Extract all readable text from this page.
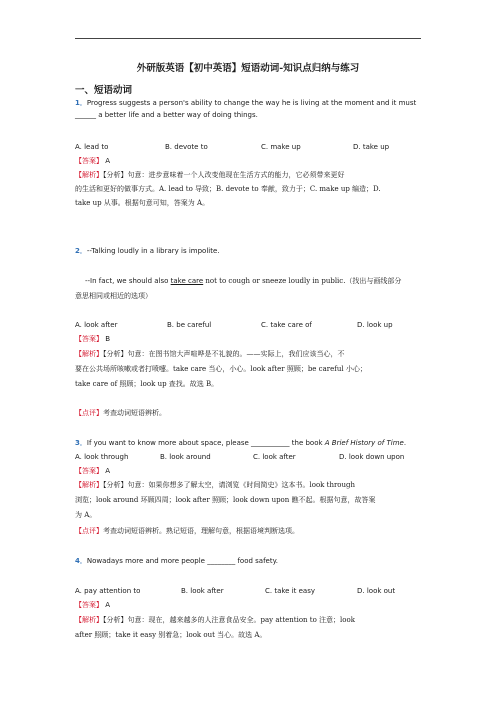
外研版英语【初中英语】短语动词-知识点归纳与练习
一、短语动词
1．Progress suggests a person's ability to change the way he is living at the moment and it must
______ a better life and a better way of doing things.
A. lead to	B. devote to	C. make up	D. take up
【答案】 A
【解析】【分析】句意：进步意味着一个人改变他现在生活方式的能力，它必须带来更好
的生活和更好的做事方式。A. lead to 导致；B. devote to 奉献，致力于；C. make up 编造；D.
take up 从事。根据句意可知，答案为 A。
2．--Talking loudly in a library is impolite.
--In fact, we should also take care not to cough or sneeze loudly in public.（找出与画线部分
意思相同或相近的选项）
A. look after	B. be careful	C. take care of	D. look up
【答案】 B
【解析】【分析】句意：在图书馆大声喧哗是不礼貌的。——实际上，我们应该当心，不
要在公共场所咳嗽或者打喷嚏。take care 当心，小心。look after 照顾；be careful 小心；
take care of 照顾；look up 查找。故选 B。
【点评】考查动词短语辨析。
3．If you want to know more about space, please ___________ the book A Brief History of Time.
A. look through	B. look around	C. look after	D. look down upon
【答案】 A
【解析】【分析】句意：如果你想多了解太空，请浏览《时间简史》这本书。look through
浏览；look around 环顾四周；look after 照顾；look down upon 瞧不起。根据句意，故答案
为 A。
【点评】考查动词短语辨析。熟记短语，理解句意，根据语境判断选项。
4．Nowadays more and more people ________ food safety.
A. pay attention to	B. look after	C. take it easy	D. look out
【答案】 A
【解析】【分析】句意：现在，越来越多的人注意食品安全。pay attention to 注意；look
after 照顾；take it easy 别着急；look out 当心。故选 A。
